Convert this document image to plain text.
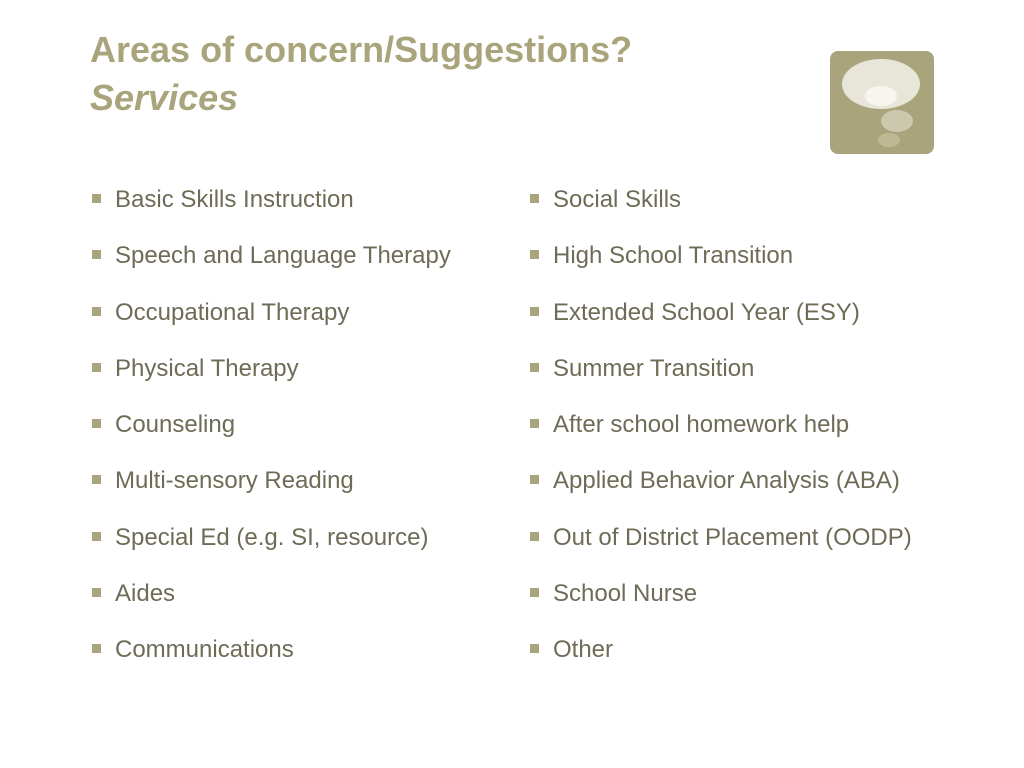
Areas of concern/Suggestions?
Services
Basic Skills Instruction
Speech and Language Therapy
Occupational Therapy
Physical Therapy
Counseling
Multi-sensory Reading
Special Ed (e.g. SI, resource)
Aides
Communications
Social Skills
High School Transition
Extended School Year (ESY)
Summer Transition
After school homework help
Applied Behavior Analysis (ABA)
Out of District Placement (OODP)
School Nurse
Other
